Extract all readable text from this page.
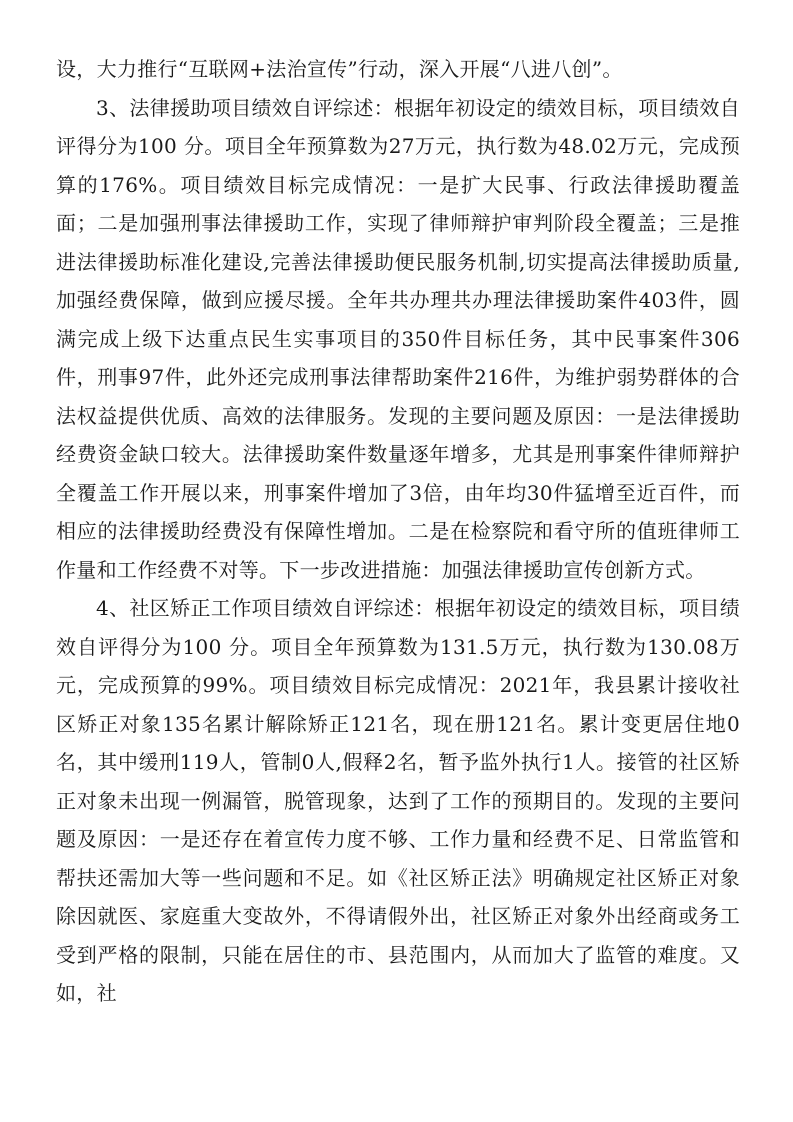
设，大力推行“互联网+法治宣传”行动，深入开展“八进八创”。

3、法律援助项目绩效自评综述：根据年初设定的绩效目标，项目绩效自评得分为100 分。项目全年预算数为27万元，执行数为48.02万元，完成预算的176%。项目绩效目标完成情况：一是扩大民事、行政法律援助覆盖面；二是加强刑事法律援助工作，实现了律师辩护审判阶段全覆盖；三是推进法律援助标准化建设,完善法律援助便民服务机制,切实提高法律援助质量,加强经费保障，做到应援尽援。全年共办理共办理法律援助案件403件，圆满完成上级下达重点民生实事项目的350件目标任务，其中民事案件306件，刑事97件，此外还完成刑事法律帮助案件216件，为维护弱势群体的合法权益提供优质、高效的法律服务。发现的主要问题及原因：一是法律援助经费资金缺口较大。法律援助案件数量逐年增多，尤其是刑事案件律师辩护全覆盖工作开展以来，刑事案件增加了3倍，由年均30件猛增至近百件，而相应的法律援助经费没有保障性增加。二是在检察院和看守所的值班律师工作量和工作经费不对等。下一步改进措施：加强法律援助宣传创新方式。

4、社区矫正工作项目绩效自评综述：根据年初设定的绩效目标，项目绩效自评得分为100 分。项目全年预算数为131.5万元，执行数为130.08万元，完成预算的99%。项目绩效目标完成情况：2021年，我县累计接收社区矫正对象135名累计解除矫正121名，现在册121名。累计变更居住地0名，其中缓刑119人，管制0人,假释2名，暂予监外执行1人。接管的社区矫正对象未出现一例漏管，脱管现象，达到了工作的预期目的。发现的主要问题及原因：一是还存在着宣传力度不够、工作力量和经费不足、日常监管和帮扶还需加大等一些问题和不足。如《社区矫正法》明确规定社区矫正对象除因就医、家庭重大变故外，不得请假外出，社区矫正对象外出经商或务工受到严格的限制，只能在居住的市、县范围内，从而加大了监管的难度。又如，社
